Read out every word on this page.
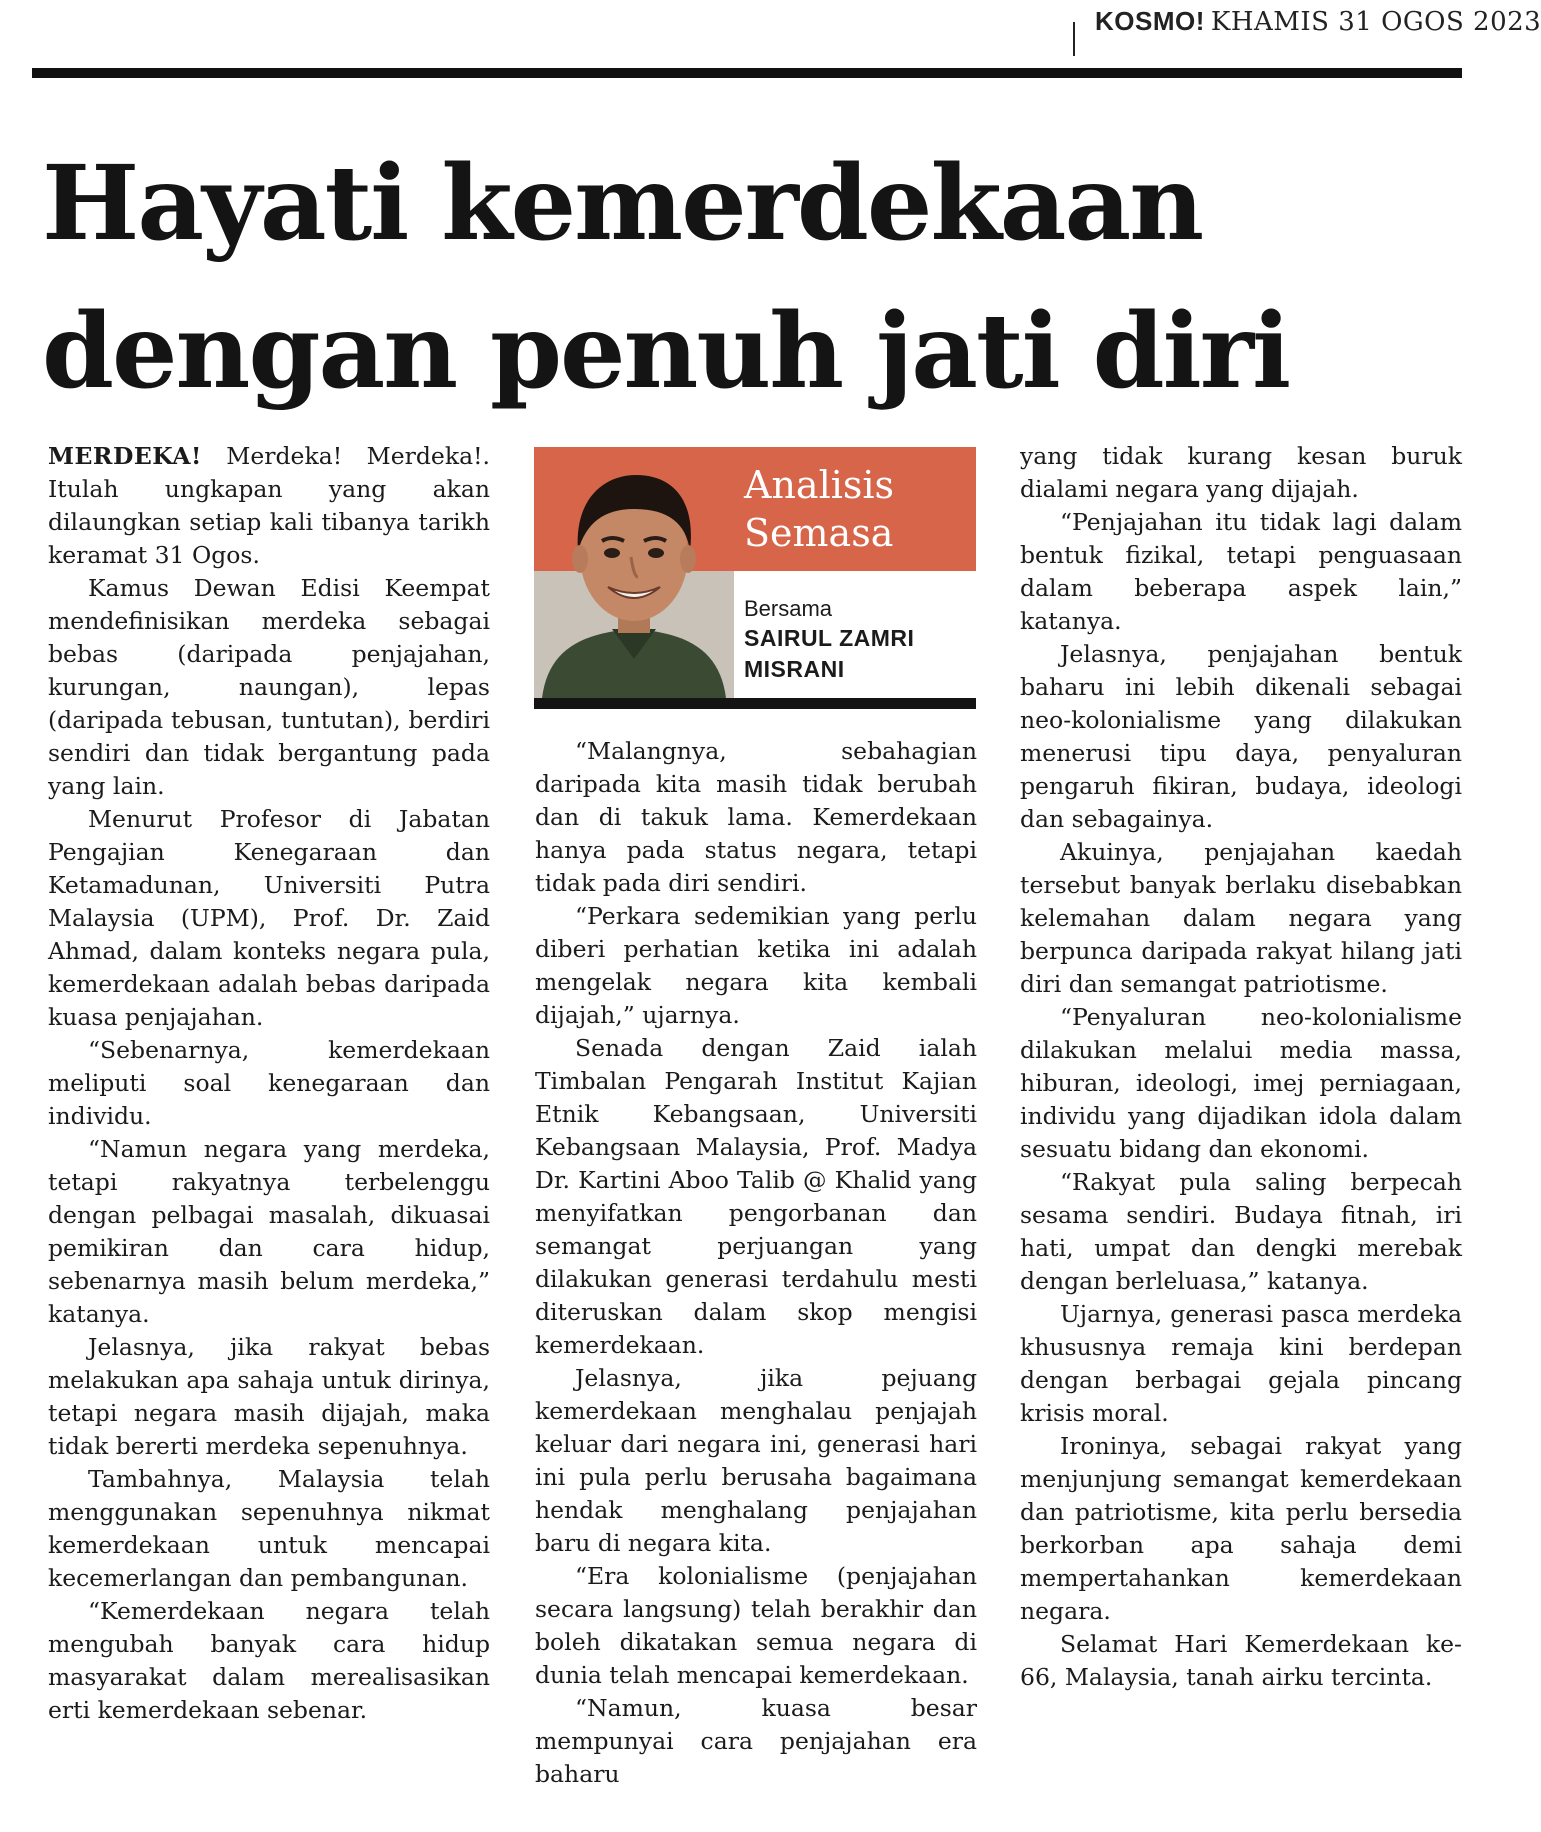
KOSMO! KHAMIS 31 OGOS 2023
Hayati kemerdekaan
dengan penuh jati diri
Analisis
Semasa
Bersama
SAIRUL ZAMRI
MISRANI

MERDEKA! Merdeka! Merdeka!. Itulah ungkapan yang akan dilaungkan setiap kali tibanya tarikh keramat 31 Ogos.

Kamus Dewan Edisi Keempat mendefinisikan merdeka sebagai bebas (daripada penjajahan, kurungan, naungan), lepas (daripada tebusan, tuntutan), berdiri sendiri dan tidak bergantung pada yang lain.

Menurut Profesor di Jabatan Pengajian Kenegaraan dan Ketamadunan, Universiti Putra Malaysia (UPM), Prof. Dr. Zaid Ahmad, dalam konteks negara pula, kemerdekaan adalah bebas daripada kuasa penjajahan.

“Sebenarnya, kemerdekaan meliputi soal kenegaraan dan individu.

“Namun negara yang merdeka, tetapi rakyatnya terbelenggu dengan pelbagai masalah, dikuasai pemikiran dan cara hidup, sebenarnya masih belum merdeka,” katanya.

Jelasnya, jika rakyat bebas melakukan apa sahaja untuk dirinya, tetapi negara masih dijajah, maka tidak bererti merdeka sepenuhnya.

Tambahnya, Malaysia telah menggunakan sepenuhnya nikmat kemerdekaan untuk mencapai kecemerlangan dan pembangunan.

“Kemerdekaan negara telah mengubah banyak cara hidup masyarakat dalam merealisasikan erti kemerdekaan sebenar.

“Malangnya, sebahagian daripada kita masih tidak berubah dan di takuk lama. Kemerdekaan hanya pada status negara, tetapi tidak pada diri sendiri.

“Perkara sedemikian yang perlu diberi perhatian ketika ini adalah mengelak negara kita kembali dijajah,” ujarnya.

Senada dengan Zaid ialah Timbalan Pengarah Institut Kajian Etnik Kebangsaan, Universiti Kebangsaan Malaysia, Prof. Madya Dr. Kartini Aboo Talib @ Khalid yang menyifatkan pengorbanan dan semangat perjuangan yang dilakukan generasi terdahulu mesti diteruskan dalam skop mengisi kemerdekaan.

Jelasnya, jika pejuang kemerdekaan menghalau penjajah keluar dari negara ini, generasi hari ini pula perlu berusaha bagaimana hendak menghalang penjajahan baru di negara kita.

“Era kolonialisme (penjajahan secara langsung) telah berakhir dan boleh dikatakan semua negara di dunia telah mencapai kemerdekaan.

“Namun, kuasa besar mempunyai cara penjajahan era baharu

yang tidak kurang kesan buruk dialami negara yang dijajah.

“Penjajahan itu tidak lagi dalam bentuk fizikal, tetapi penguasaan dalam beberapa aspek lain,” katanya.

Jelasnya, penjajahan bentuk baharu ini lebih dikenali sebagai neo-kolonialisme yang dilakukan menerusi tipu daya, penyaluran pengaruh fikiran, budaya, ideologi dan sebagainya.

Akuinya, penjajahan kaedah tersebut banyak berlaku disebabkan kelemahan dalam negara yang berpunca daripada rakyat hilang jati diri dan semangat patriotisme.

“Penyaluran neo-kolonialisme dilakukan melalui media massa, hiburan, ideologi, imej perniagaan, individu yang dijadikan idola dalam sesuatu bidang dan ekonomi.

“Rakyat pula saling berpecah sesama sendiri. Budaya fitnah, iri hati, umpat dan dengki merebak dengan berleluasa,” katanya.

Ujarnya, generasi pasca merdeka khususnya remaja kini berdepan dengan berbagai gejala pincang krisis moral.

Ironinya, sebagai rakyat yang menjunjung semangat kemerdekaan dan patriotisme, kita perlu bersedia berkorban apa sahaja demi mempertahankan kemerdekaan negara.

Selamat Hari Kemerdekaan ke-66, Malaysia, tanah airku tercinta.
